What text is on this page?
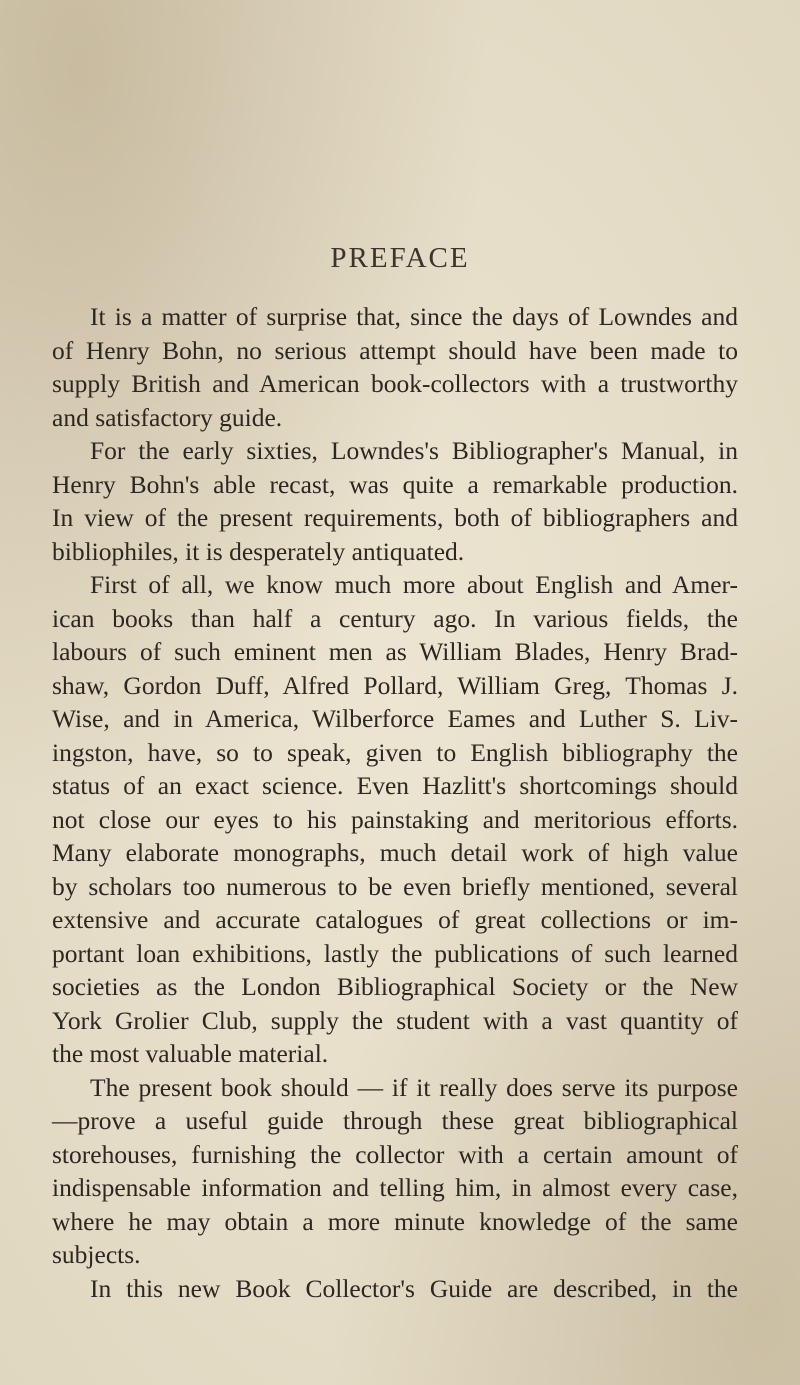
PREFACE
It is a matter of surprise that, since the days of Lowndes and
of Henry Bohn, no serious attempt should have been made to
supply British and American book-collectors with a trustworthy
and satisfactory guide.
For the early sixties, Lowndes's Bibliographer's Manual, in
Henry Bohn's able recast, was quite a remarkable production.
In view of the present requirements, both of bibliographers and
bibliophiles, it is desperately antiquated.
First of all, we know much more about English and Amer-
ican books than half a century ago. In various fields, the
labours of such eminent men as William Blades, Henry Brad-
shaw, Gordon Duff, Alfred Pollard, William Greg, Thomas J.
Wise, and in America, Wilberforce Eames and Luther S. Liv-
ingston, have, so to speak, given to English bibliography the
status of an exact science. Even Hazlitt's shortcomings should
not close our eyes to his painstaking and meritorious efforts.
Many elaborate monographs, much detail work of high value
by scholars too numerous to be even briefly mentioned, several
extensive and accurate catalogues of great collections or im-
portant loan exhibitions, lastly the publications of such learned
societies as the London Bibliographical Society or the New
York Grolier Club, supply the student with a vast quantity of
the most valuable material.
The present book should — if it really does serve its purpose
—prove a useful guide through these great bibliographical
storehouses, furnishing the collector with a certain amount of
indispensable information and telling him, in almost every case,
where he may obtain a more minute knowledge of the same
subjects.
In this new Book Collector's Guide are described, in the
